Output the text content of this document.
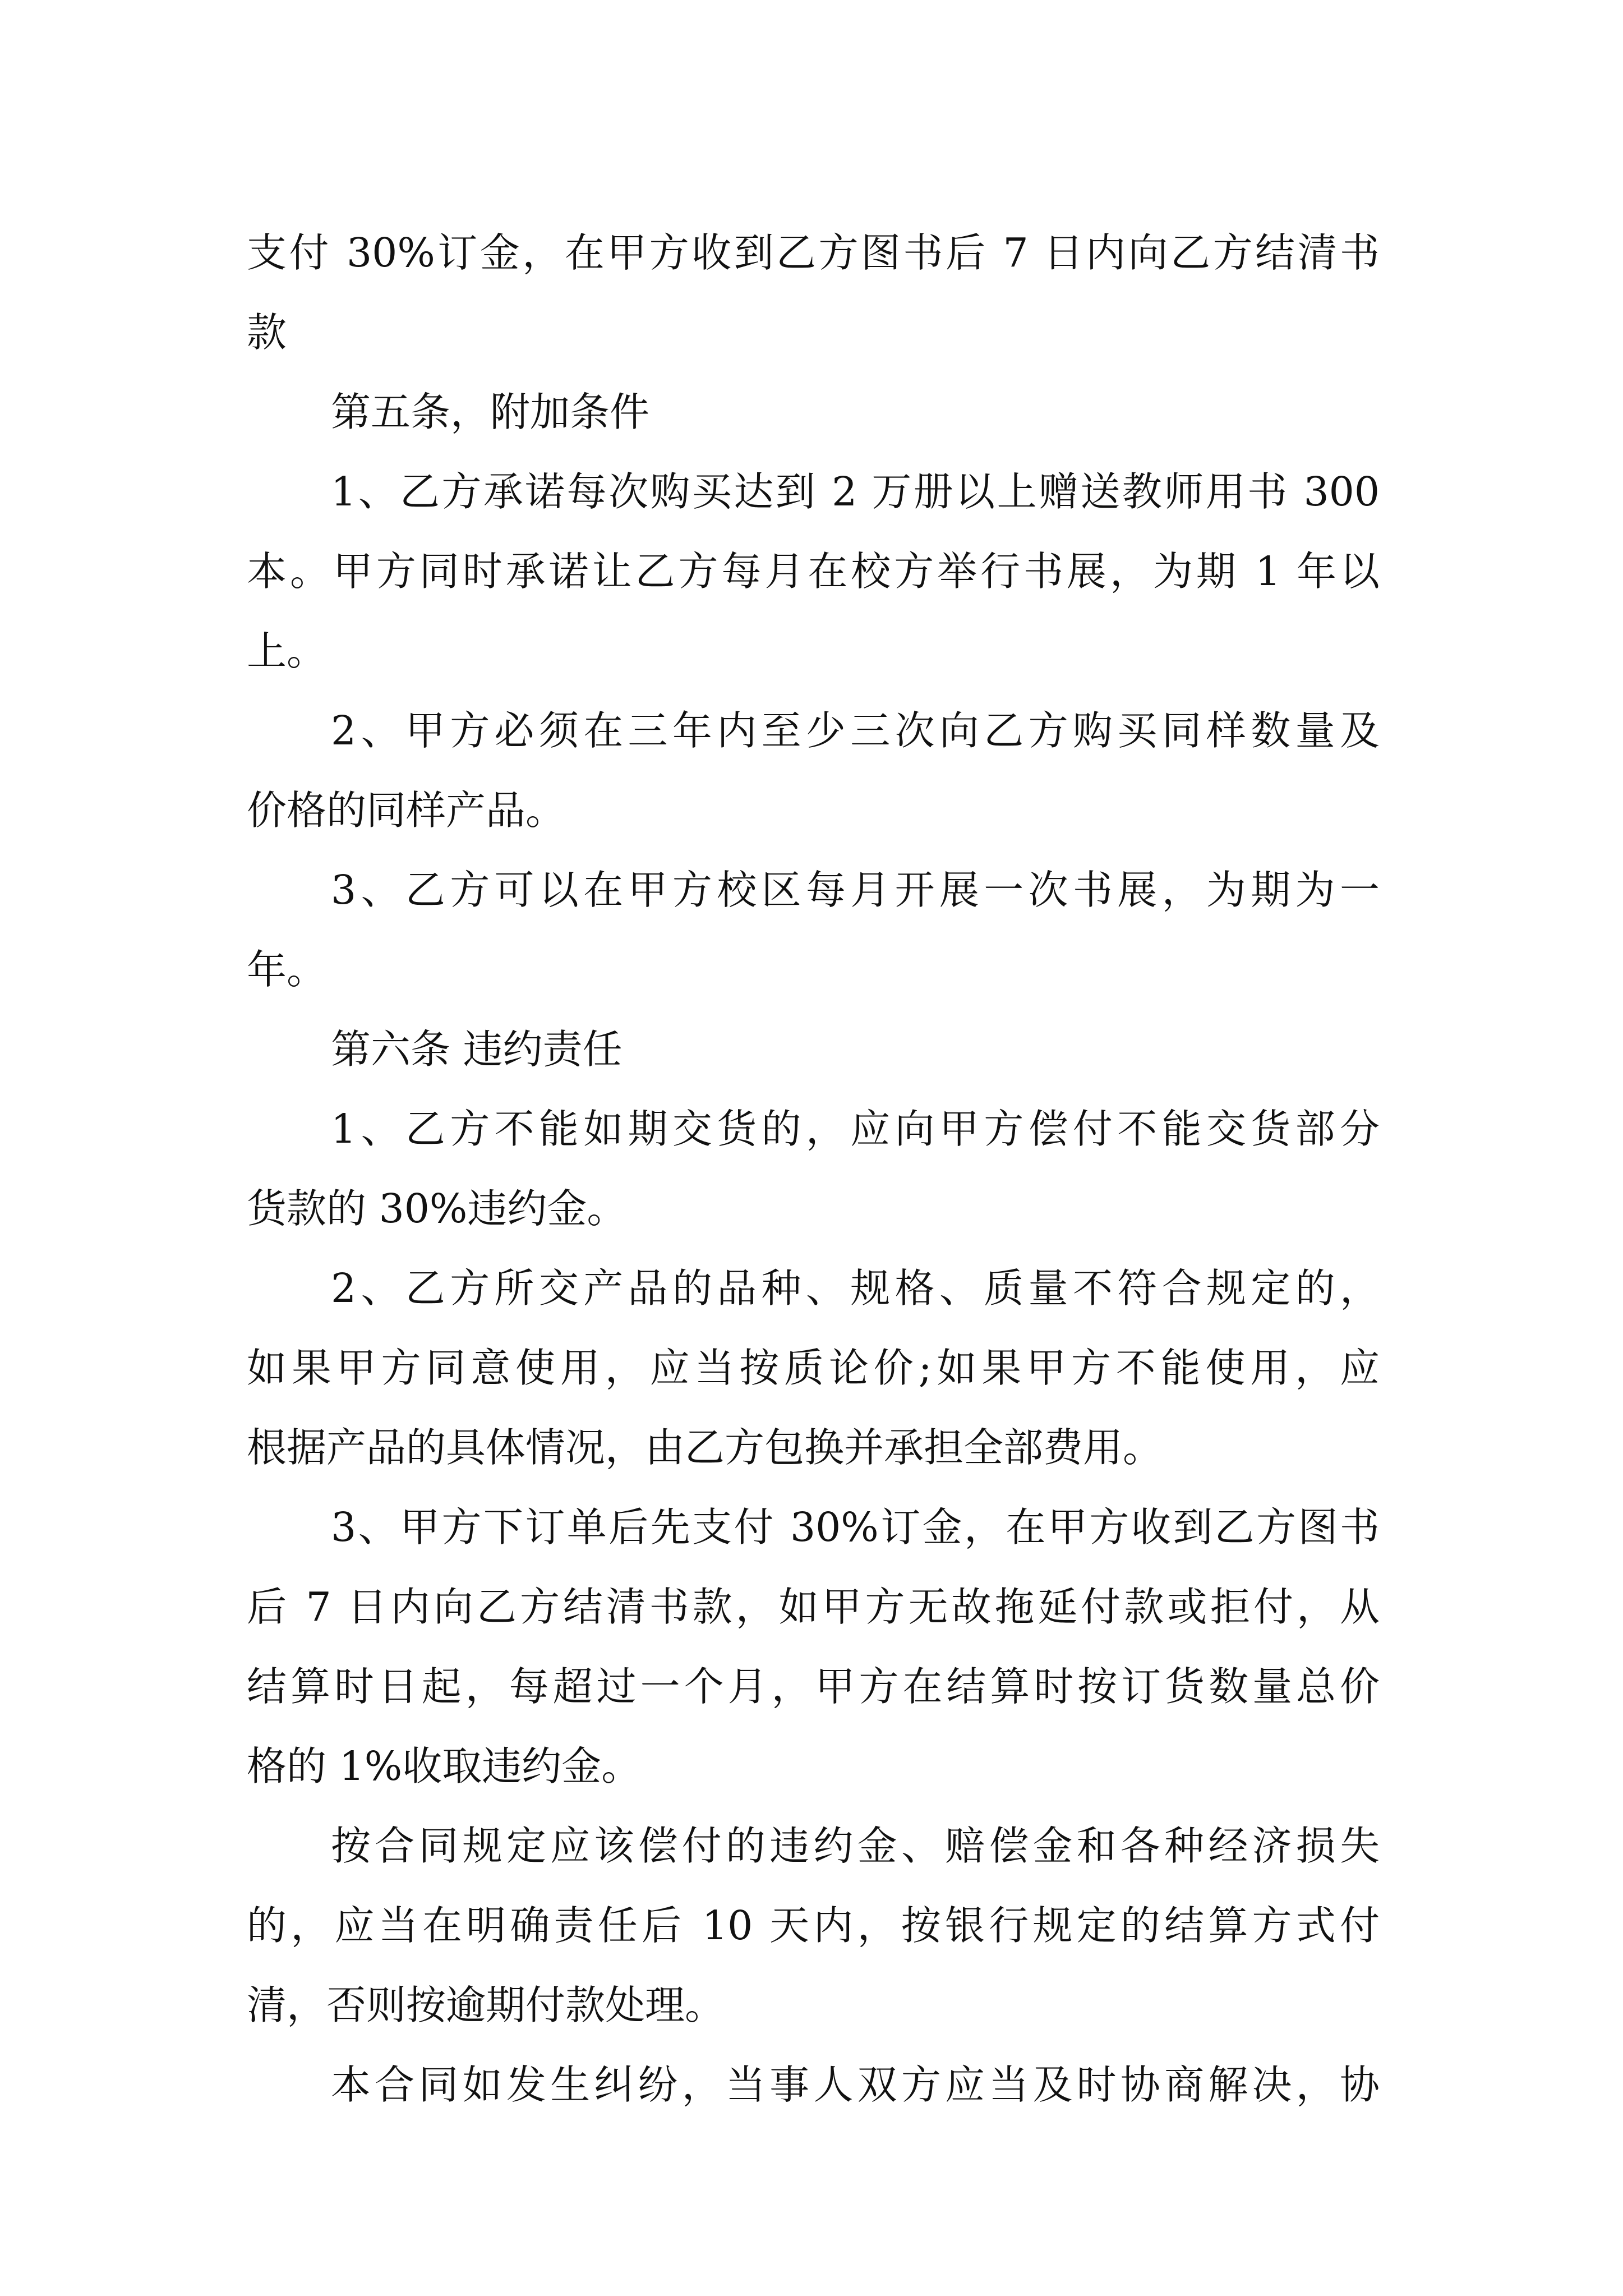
支付 30%订金，在甲方收到乙方图书后 7 日内向乙方结清书
款
第五条，附加条件
1、乙方承诺每次购买达到 2 万册以上赠送教师用书 300
本。甲方同时承诺让乙方每月在校方举行书展，为期 1 年以
上。
2、甲方必须在三年内至少三次向乙方购买同样数量及
价格的同样产品。
3、乙方可以在甲方校区每月开展一次书展，为期为一
年。
第六条 违约责任
1、乙方不能如期交货的，应向甲方偿付不能交货部分
货款的 30%违约金。
2、乙方所交产品的品种、规格、质量不符合规定的，
如果甲方同意使用，应当按质论价;如果甲方不能使用，应
根据产品的具体情况，由乙方包换并承担全部费用。
3、甲方下订单后先支付 30%订金，在甲方收到乙方图书
后 7 日内向乙方结清书款，如甲方无故拖延付款或拒付，从
结算时日起，每超过一个月，甲方在结算时按订货数量总价
格的 1%收取违约金。
按合同规定应该偿付的违约金、赔偿金和各种经济损失
的，应当在明确责任后 10 天内，按银行规定的结算方式付
清，否则按逾期付款处理。
本合同如发生纠纷，当事人双方应当及时协商解决，协
